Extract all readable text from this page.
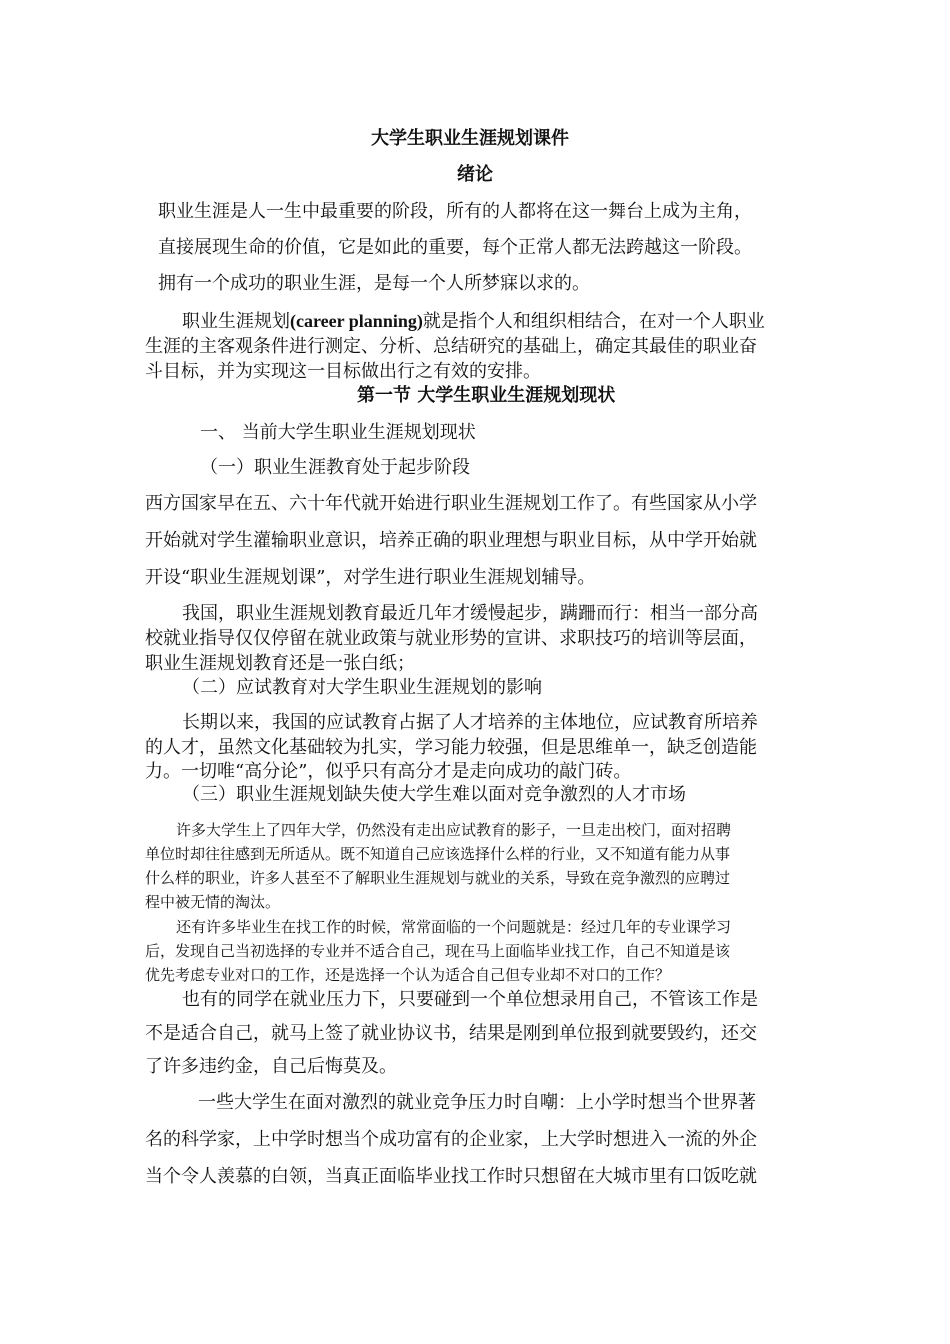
大学生职业生涯规划课件
绪论
职业生涯是人一生中最重要的阶段，所有的人都将在这一舞台上成为主角，
直接展现生命的价值，它是如此的重要，每个正常人都无法跨越这一阶段。
拥有一个成功的职业生涯，是每一个人所梦寐以求的。
职业生涯规划(career planning)就是指个人和组织相结合，在对一个人职业
生涯的主客观条件进行测定、分析、总结研究的基础上，确定其最佳的职业奋
斗目标，并为实现这一目标做出行之有效的安排。
第一节 大学生职业生涯规划现状
一、 当前大学生职业生涯规划现状
（一）职业生涯教育处于起步阶段
西方国家早在五、六十年代就开始进行职业生涯规划工作了。有些国家从小学
开始就对学生灌输职业意识，培养正确的职业理想与职业目标，从中学开始就
开设“职业生涯规划课”，对学生进行职业生涯规划辅导。
我国，职业生涯规划教育最近几年才缓慢起步，蹒跚而行：相当一部分高
校就业指导仅仅停留在就业政策与就业形势的宣讲、求职技巧的培训等层面，
职业生涯规划教育还是一张白纸；
（二）应试教育对大学生职业生涯规划的影响
长期以来，我国的应试教育占据了人才培养的主体地位，应试教育所培养
的人才，虽然文化基础较为扎实，学习能力较强，但是思维单一，缺乏创造能
力。一切唯“高分论”，似乎只有高分才是走向成功的敲门砖。
（三）职业生涯规划缺失使大学生难以面对竞争激烈的人才市场
许多大学生上了四年大学，仍然没有走出应试教育的影子，一旦走出校门，面对招聘
单位时却往往感到无所适从。既不知道自己应该选择什么样的行业，又不知道有能力从事
什么样的职业，许多人甚至不了解职业生涯规划与就业的关系，导致在竞争激烈的应聘过
程中被无情的淘汰。
还有许多毕业生在找工作的时候，常常面临的一个问题就是：经过几年的专业课学习
后，发现自己当初选择的专业并不适合自己，现在马上面临毕业找工作，自己不知道是该
优先考虑专业对口的工作，还是选择一个认为适合自己但专业却不对口的工作？
也有的同学在就业压力下，只要碰到一个单位想录用自己，不管该工作是
不是适合自己，就马上签了就业协议书，结果是刚到单位报到就要毁约，还交
了许多违约金，自己后悔莫及。
一些大学生在面对激烈的就业竞争压力时自嘲：上小学时想当个世界著
名的科学家，上中学时想当个成功富有的企业家，上大学时想进入一流的外企
当个令人羡慕的白领，当真正面临毕业找工作时只想留在大城市里有口饭吃就
